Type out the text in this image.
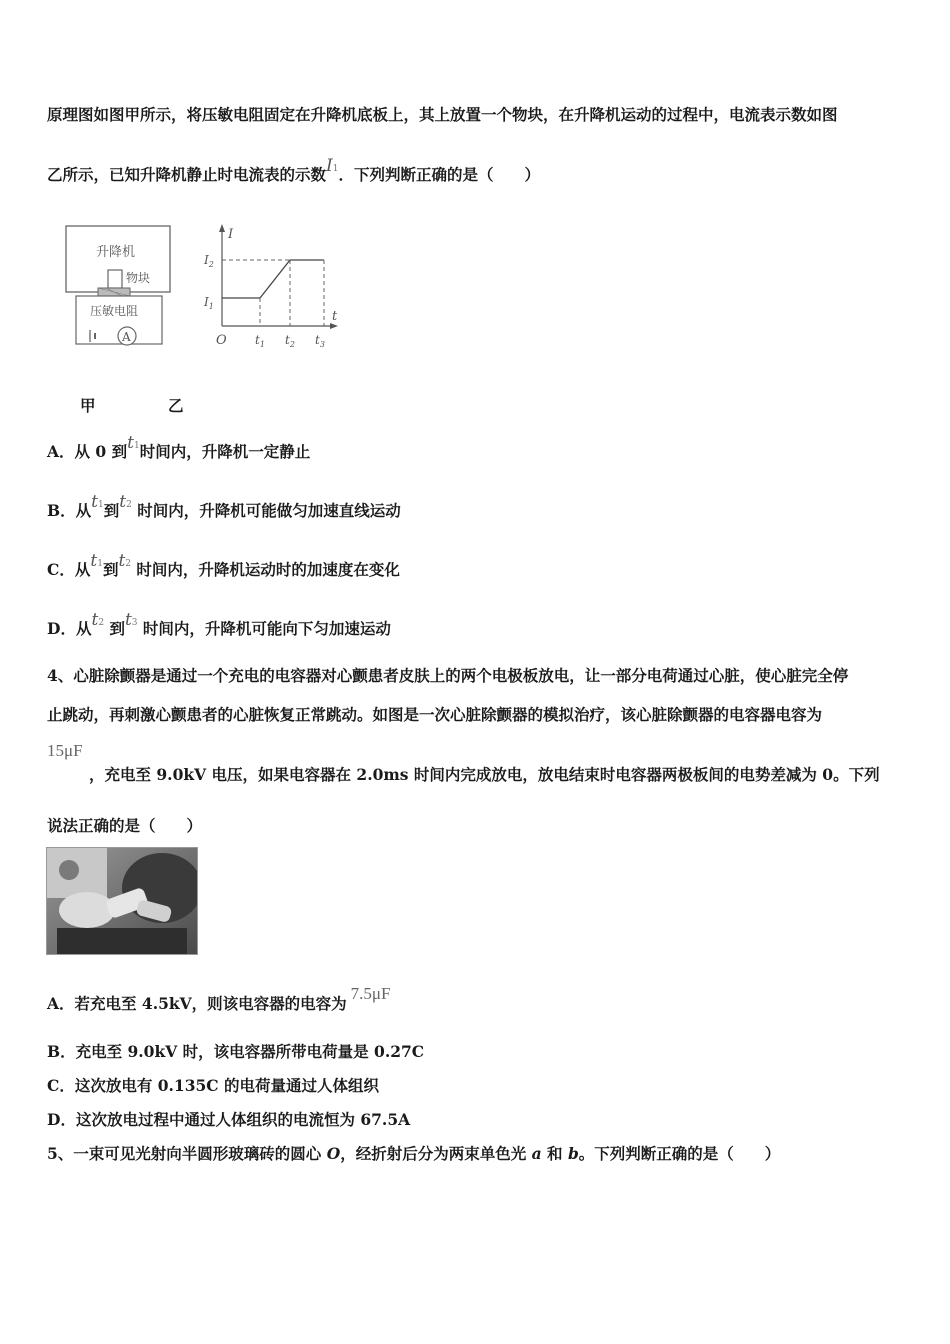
原理图如图甲所示，将压敏电阻固定在升降机底板上，其上放置一个物块，在升降机运动的过程中，电流表示数如图
乙所示，已知升降机静止时电流表的示数I1．下列判断正确的是（　　）
升降机
物块
压敏电阻
A
I
t
O
$I_2$
$I_1$
$t_1$ $t_2$ $t_3$
甲	乙
A．从 0 到t1时间内，升降机一定静止
B．从t1到t2 时间内，升降机可能做匀加速直线运动
C．从t1到t2 时间内，升降机运动时的加速度在变化
D．从t2 到t3 时间内，升降机可能向下匀加速运动
4、心脏除颤器是通过一个充电的电容器对心颤患者皮肤上的两个电极板放电，让一部分电荷通过心脏，使心脏完全停
止跳动，再刺激心颤患者的心脏恢复正常跳动。如图是一次心脏除颤器的模拟治疗，该心脏除颤器的电容器电容为
15μF
，充电至 9.0kV 电压，如果电容器在 2.0ms 时间内完成放电，放电结束时电容器两极板间的电势差减为 0。下列
说法正确的是（　　）
A．若充电至 4.5kV，则该电容器的电容为7.5μF
B．充电至 9.0kV 时，该电容器所带电荷量是 0.27C
C．这次放电有 0.135C 的电荷量通过人体组织
D．这次放电过程中通过人体组织的电流恒为 67.5A
5、一束可见光射向半圆形玻璃砖的圆心 O，经折射后分为两束单色光 a 和 b。下列判断正确的是（　　）
